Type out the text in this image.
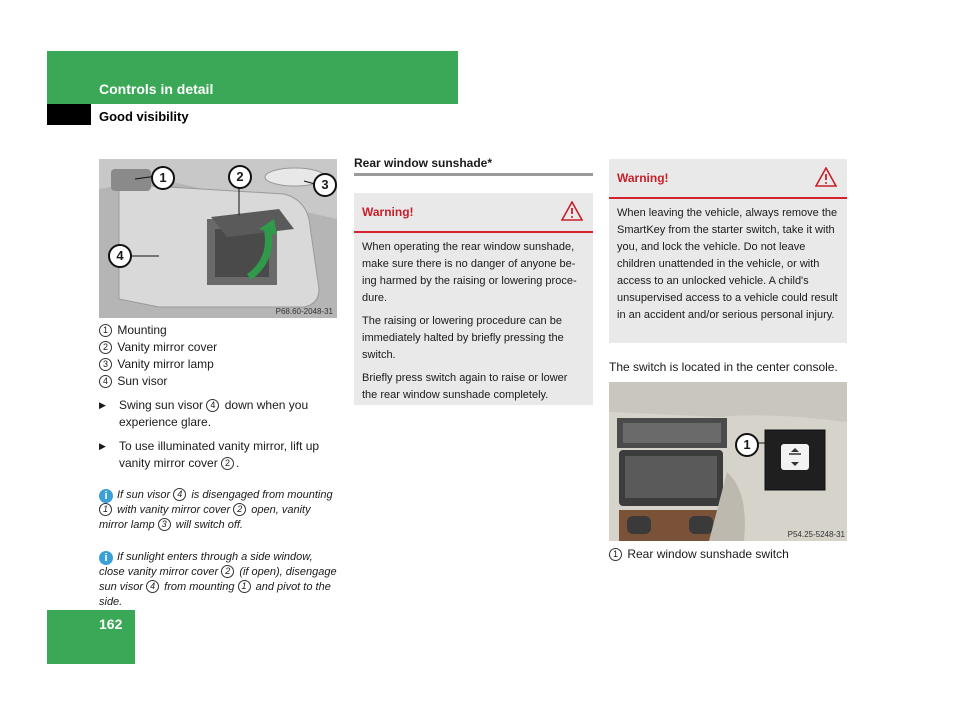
Controls in detail
Good visibility
162
1	2
3
4
P68.60-2048-31
1 Mounting
2 Vanity mirror cover
3 Vanity mirror lamp
4 Sun visor
▶	Swing sun visor 4 down when you experience glare.
▶	To use illuminated vanity mirror, lift up vanity mirror cover 2 .
i If sun visor 4 is disengaged from mounting 1 with vanity mirror cover 2 open, vanity mirror lamp 3 will switch off.
i If sunlight enters through a side window, close vanity mirror cover 2 (if open), disengage sun visor 4 from mounting 1 and pivot to the side.
Rear window sunshade*
Warning!

When operating the rear window sunshade, make sure there is no danger of anyone be-ing harmed by the raising or lowering proce-dure.

The raising or lowering procedure can be immediately halted by briefly pressing the switch.

Briefly press switch again to raise or lower the rear window sunshade completely.

Warning!

When leaving the vehicle, always remove the SmartKey from the starter switch, take it with you, and lock the vehicle. Do not leave children unattended in the vehicle, or with access to an unlocked vehicle. A child's unsupervised access to a vehicle could result in an accident and/or serious personal injury.

The switch is located in the center console.
1
P54.25-5248-31
1 Rear window sunshade switch
